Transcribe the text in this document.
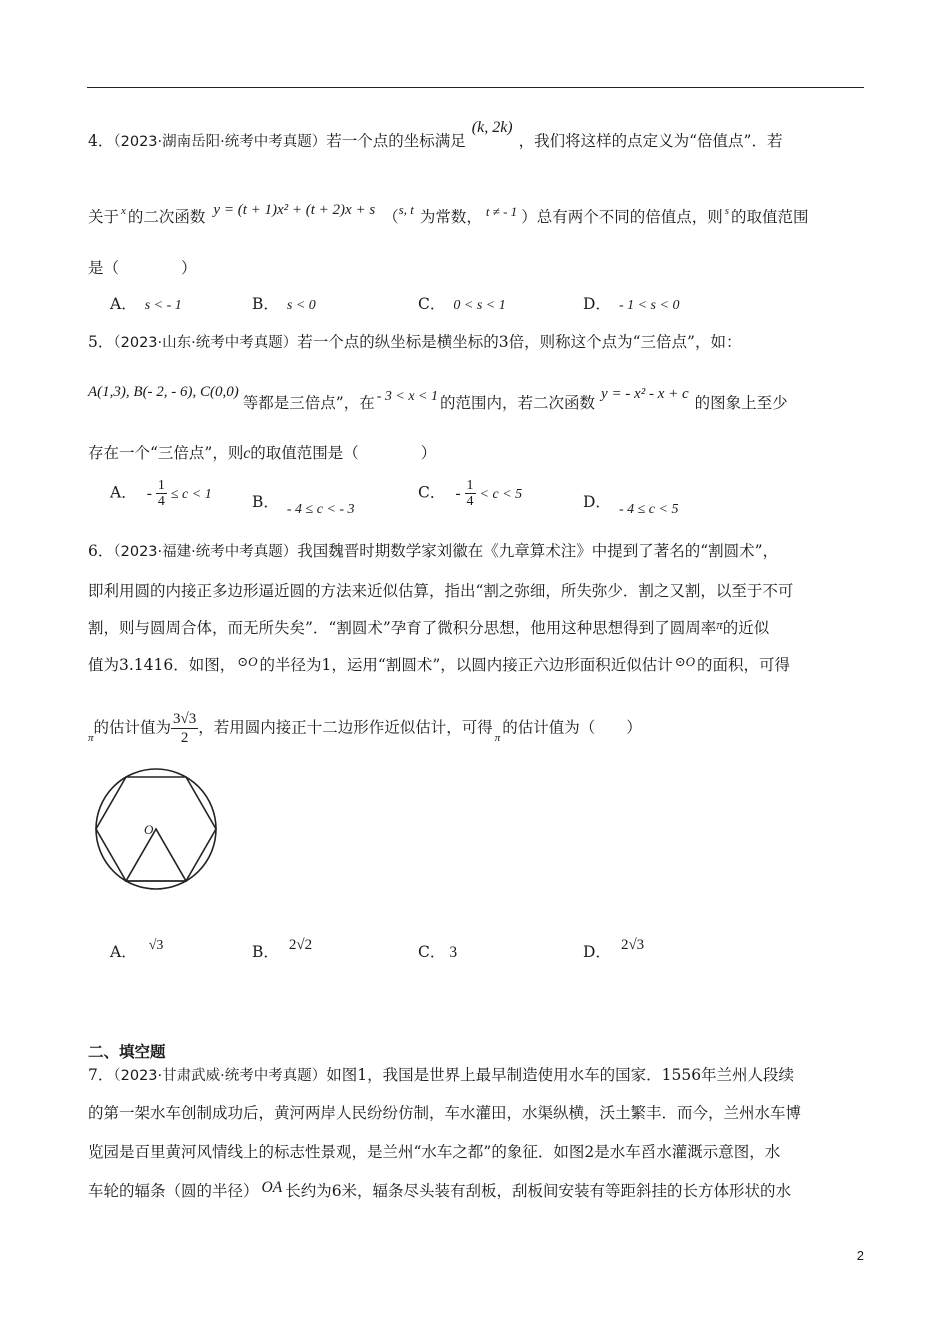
4．（2023·湖南岳阳·统考中考真题）若一个点的坐标满足(k, 2k)，我们将这样的点定义为“倍值点”．若
关于 $^x$ 的二次函数 y = (t + 1)x² + (t + 2)x + s （$^{s, t}$ 为常数， $^{t \ne - 1}$ ）总有两个不同的倍值点，则 $^s$ 的取值范围
是（　　　　）
A． s < - 1	B． s < 0	C． 0 < s < 1	D． - 1 < s < 0
5．（2023·山东·统考中考真题）若一个点的纵坐标是横坐标的3倍，则称这个点为“三倍点”，如：
A(1,3), B(- 2, - 6), C(0,0)等都是三倍点”，在 - 3 < x < 1 的范围内，若二次函数 y = - x² - x + c 的图象上至少
存在一个“三倍点”，则c的取值范围是（　　　　）
A． - $\frac{1}{4} \le c < 1$	B． - 4 ≤ c < - 3
C． - $\frac{1}{4} < c < 5$	D． - 4 ≤ c < 5
6．（2023·福建·统考中考真题）我国魏晋时期数学家刘徽在《九章算术注》中提到了著名的“割圆术”，
即利用圆的内接正多边形逼近圆的方法来近似估算，指出“割之弥细，所失弥少．割之又割，以至于不可
割，则与圆周合体，而无所失矣”．“割圆术”孕育了微积分思想，他用这种思想得到了圆周率$^\pi$的近似
值为3.1416．如图， $^{⊙O}$ 的半径为1，运用“割圆术”，以圆内接正六边形面积近似估计 $^{⊙O}$ 的面积，可得
$_\pi$的估计值为 $\frac{3√3}{2}$ ，若用圆内接正十二边形作近似估计，可得$_\pi$的估计值为（　　）
O
A． √3	B． 2√2	C． 3	D． 2√3
二、填空题
7．（2023·甘肃武威·统考中考真题）如图1，我国是世界上最早制造使用水车的国家．1556年兰州人段续
的第一架水车创制成功后，黄河两岸人民纷纷仿制，车水灌田，水渠纵横，沃土繁丰．而今，兰州水车博
览园是百里黄河风情线上的标志性景观，是兰州“水车之都”的象征．如图2是水车舀水灌溉示意图，水
车轮的辐条（圆的半径） OA 长约为6米，辐条尽头装有刮板，刮板间安装有等距斜挂的长方体形状的水
2
